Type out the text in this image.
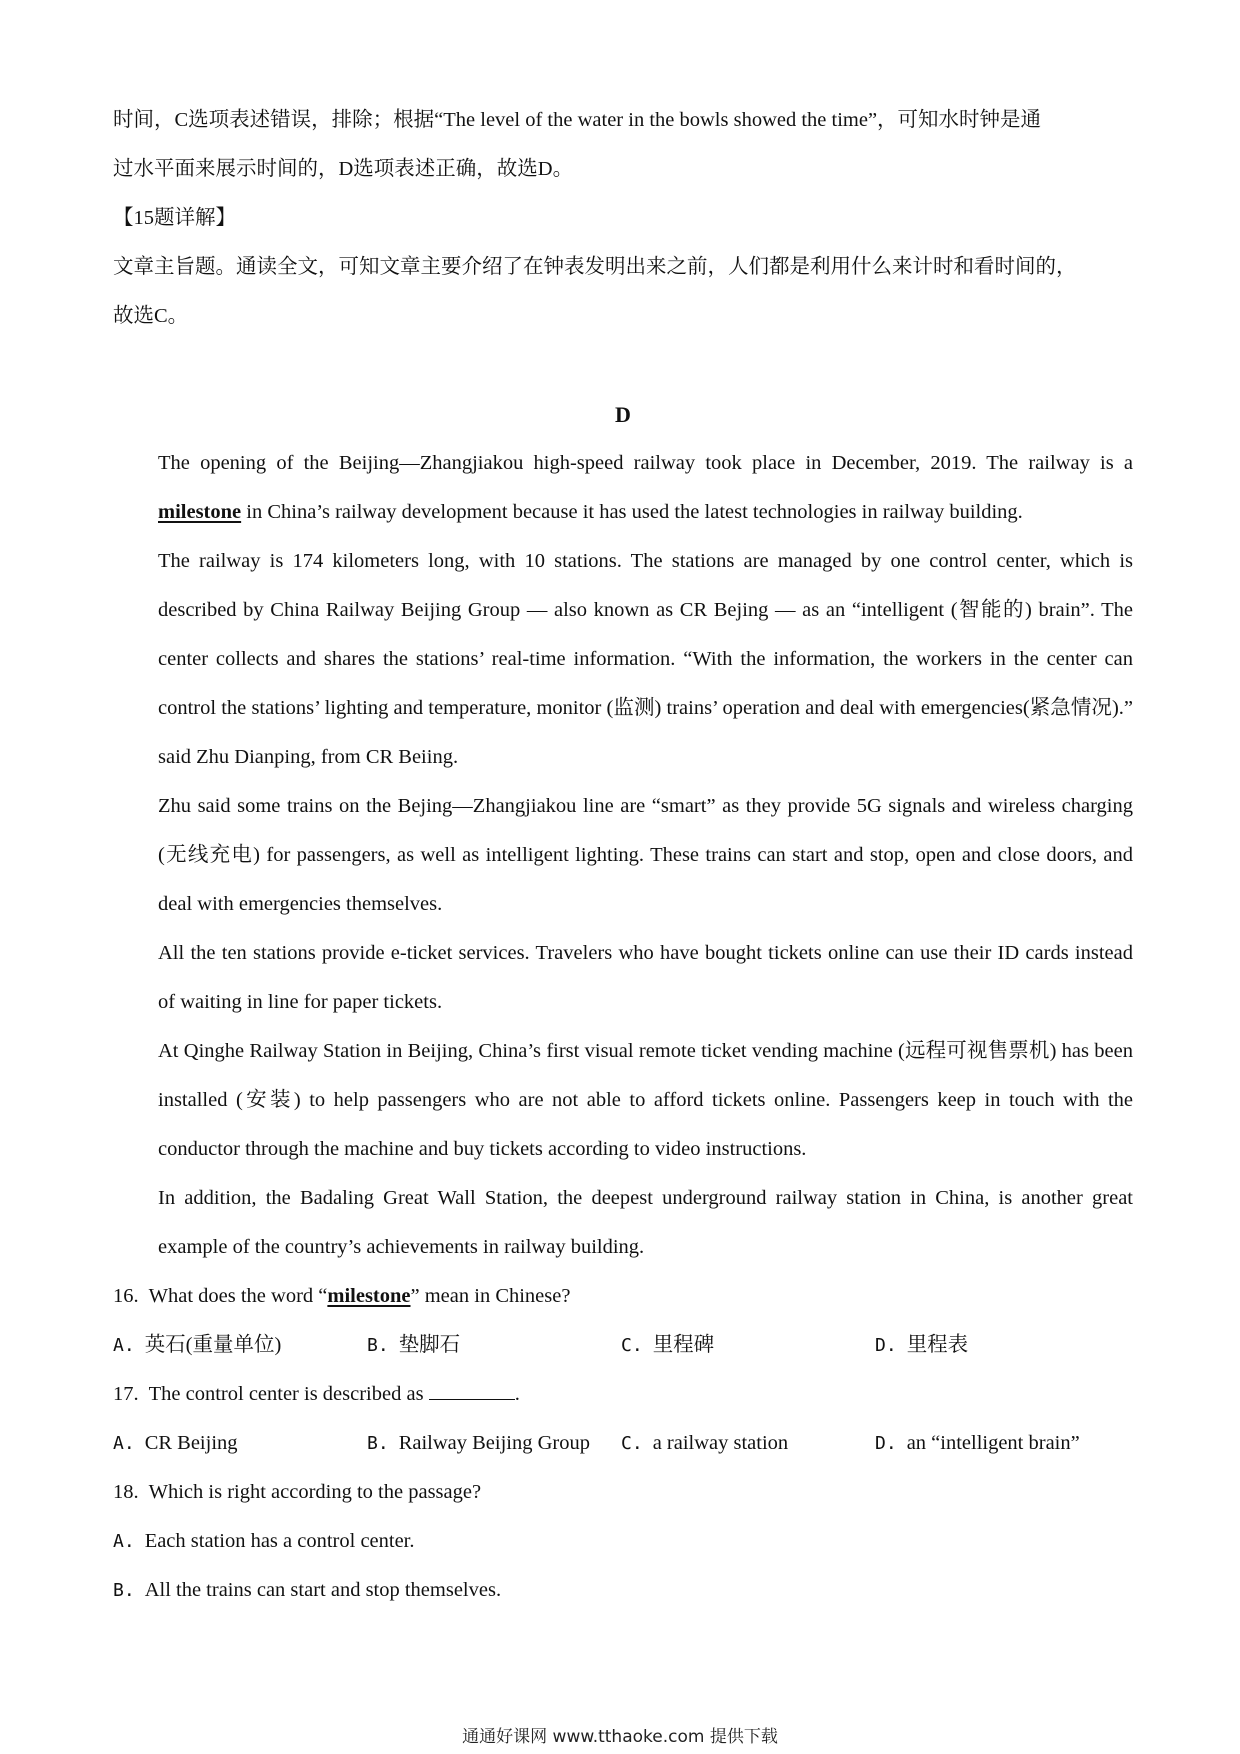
时间，C选项表述错误，排除；根据“The level of the water in the bowls showed the time”，可知水时钟是通

过水平面来展示时间的，D选项表述正确，故选D。

【15题详解】

文章主旨题。通读全文，可知文章主要介绍了在钟表发明出来之前，人们都是利用什么来计时和看时间的，

故选C。

D

The opening of the Beijing—Zhangjiakou high-speed railway took place in December, 2019. The railway is a milestone in China’s railway development because it has used the latest technologies in railway building.

The railway is 174 kilometers long, with 10 stations. The stations are managed by one control center, which is described by China Railway Beijing Group — also known as CR Bejing — as an “intelligent (智能的) brain”. The center collects and shares the stations’ real-time information. “With the information, the workers in the center can control the stations’ lighting and temperature, monitor (监测) trains’ operation and deal with emergencies(紧急情况).” said Zhu Dianping, from CR Beiing.

Zhu said some trains on the Bejing—Zhangjiakou line are “smart” as they provide 5G signals and wireless charging (无线充电) for passengers, as well as intelligent lighting. These trains can start and stop, open and close doors, and deal with emergencies themselves.

All the ten stations provide e-ticket services. Travelers who have bought tickets online can use their ID cards instead of waiting in line for paper tickets.

At Qinghe Railway Station in Beijing, China’s first visual remote ticket vending machine (远程可视售票机) has been installed (安装) to help passengers who are not able to afford tickets online. Passengers keep in touch with the conductor through the machine and buy tickets according to video instructions.

In addition, the Badaling Great Wall Station, the deepest underground railway station in China, is another great example of the country’s achievements in railway building.

16. What does the word “milestone” mean in Chinese?

A. 英石(重量单位)	B. 垫脚石	C. 里程碑	D. 里程表

17. The control center is described as	.

A. CR Beijing	B. Railway Beijing Group	C. a railway station	D. an “intelligent brain”

18. Which is right according to the passage?

A. Each station has a control center.

B. All the trains can start and stop themselves.

通通好课网 www.tthaoke.com 提供下载
